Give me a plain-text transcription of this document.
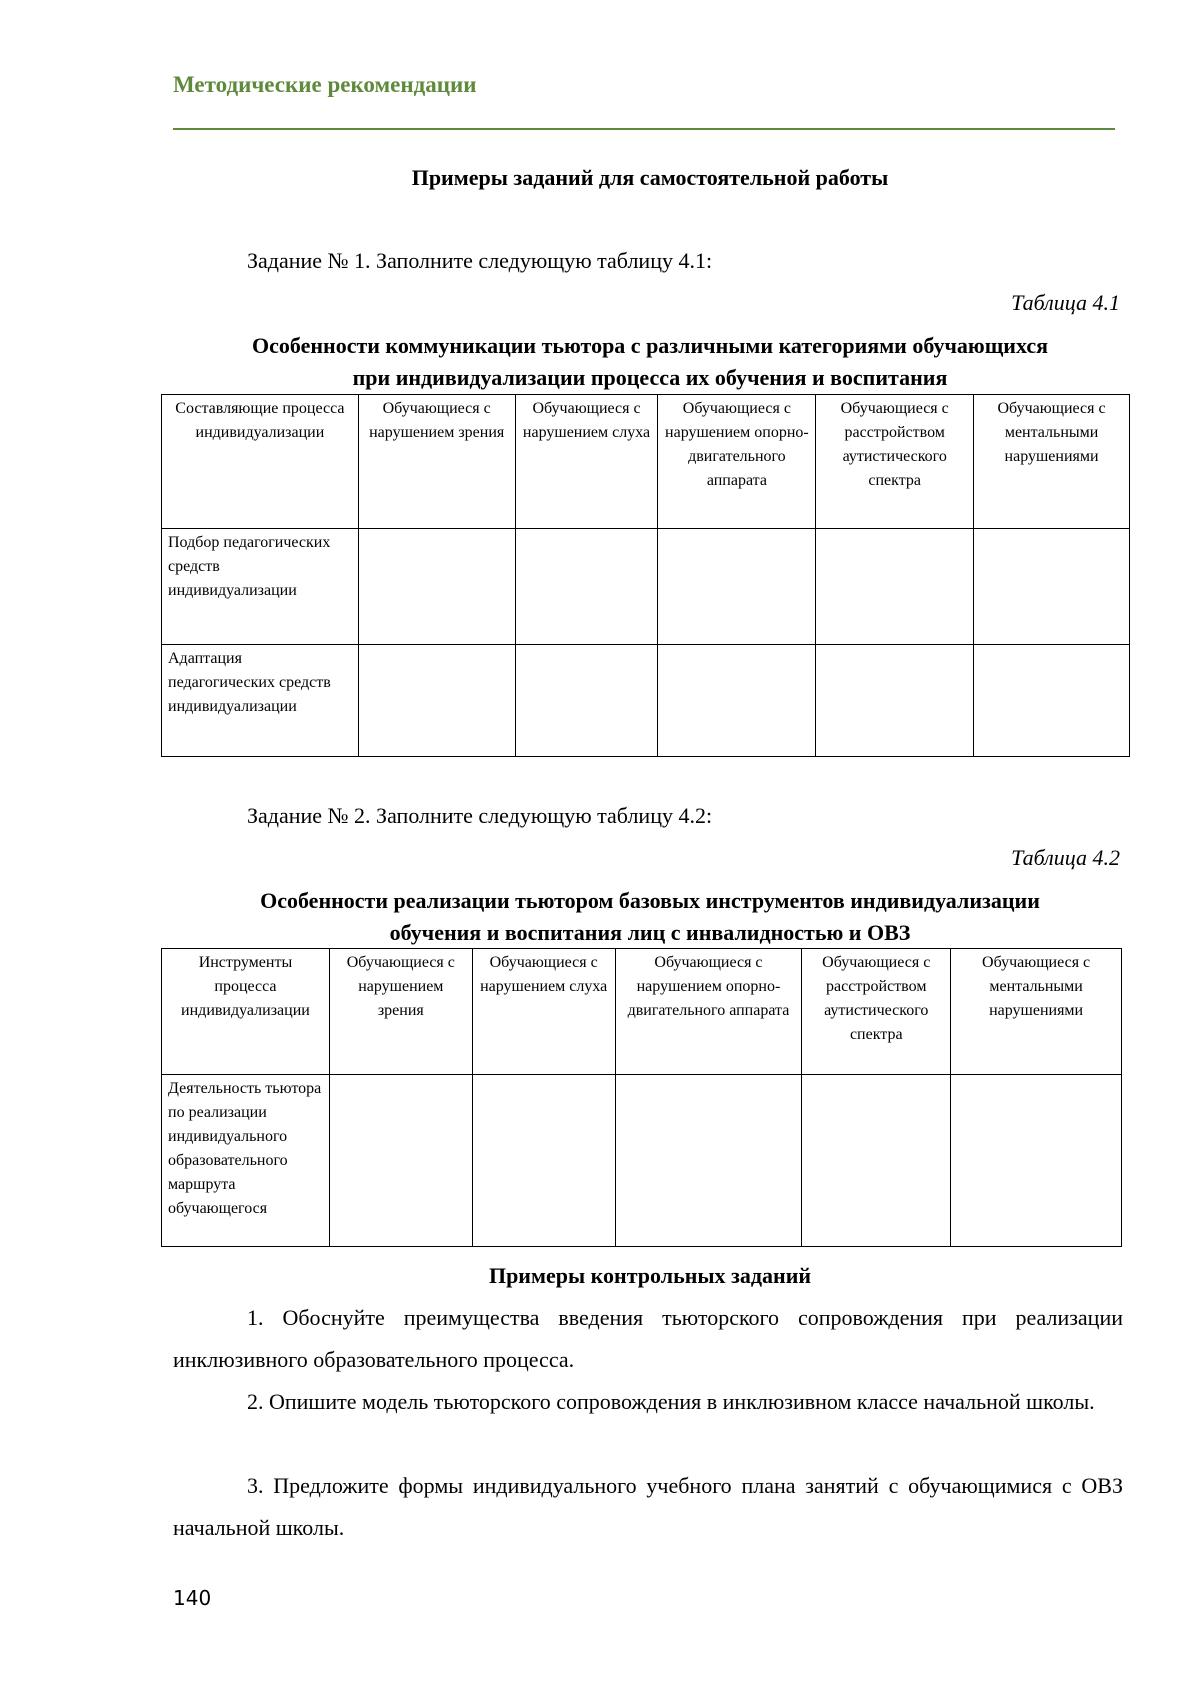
Методические рекомендации
Примеры заданий для самостоятельной работы
Задание № 1. Заполните следующую таблицу 4.1:
Таблица 4.1
Особенности коммуникации тьютора с различными категориями обучающихся
при индивидуализации процесса их обучения и воспитания
Составляющие процесса индивидуализации	Обучающиеся с нарушением зрения	Обучающиеся с нарушением слуха	Обучающиеся с нарушением опорно-двигательного аппарата	Обучающиеся с расстройством аутистического спектра	Обучающиеся с ментальными нарушениями
Подбор педагогических средств индивидуализации					
Адаптация педагогических средств индивидуализации					
Задание № 2. Заполните следующую таблицу 4.2:
Таблица 4.2
Особенности реализации тьютором базовых инструментов индивидуализации
обучения и воспитания лиц с инвалидностью и ОВЗ
Инструменты процесса индивидуализации	Обучающиеся с нарушением зрения	Обучающиеся с нарушением слуха	Обучающиеся с нарушением опорно-двигательного аппарата	Обучающиеся с расстройством аутистического спектра	Обучающиеся с ментальными нарушениями
Деятельность тьютора по реализации индивидуального образовательного маршрута обучающегося					
Примеры контрольных заданий
1. Обоснуйте преимущества введения тьюторского сопровождения при реализации инклюзивного образовательного процесса.
2. Опишите модель тьюторского сопровождения в инклюзивном классе начальной школы.
3. Предложите формы индивидуального учебного плана занятий с обучающимися с ОВЗ начальной школы.
140
